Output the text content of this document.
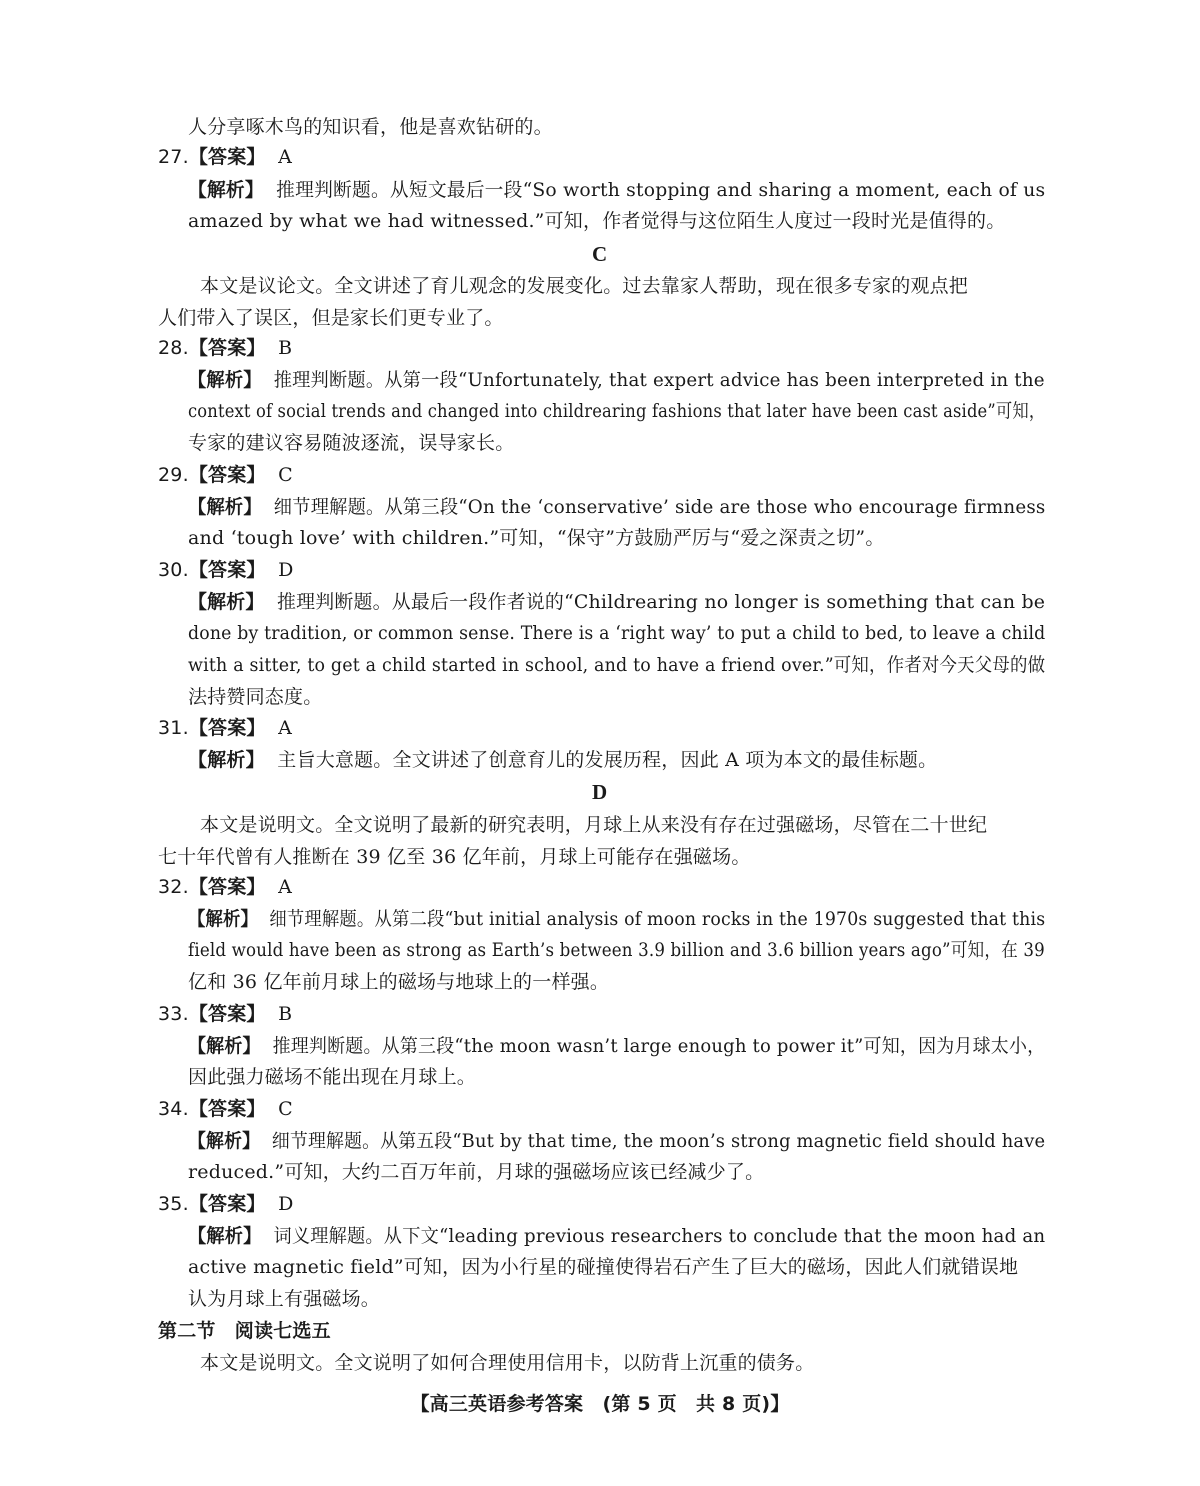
人分享啄木鸟的知识看，他是喜欢钻研的。
27.【答案】 A
【解析】 推理判断题。从短文最后一段“So worth stopping and sharing a moment, each of us
amazed by what we had witnessed.”可知，作者觉得与这位陌生人度过一段时光是值得的。
C
本文是议论文。全文讲述了育儿观念的发展变化。过去靠家人帮助，现在很多专家的观点把
人们带入了误区，但是家长们更专业了。
28.【答案】 B
【解析】 推理判断题。从第一段“Unfortunately, that expert advice has been interpreted in the
context of social trends and changed into childrearing fashions that later have been cast aside”可知，
专家的建议容易随波逐流，误导家长。
29.【答案】 C
【解析】 细节理解题。从第三段“On the ‘conservative’ side are those who encourage firmness
and ‘tough love’ with children.”可知，“保守”方鼓励严厉与“爱之深责之切”。
30.【答案】 D
【解析】 推理判断题。从最后一段作者说的“Childrearing no longer is something that can be
done by tradition, or common sense. There is a ‘right way’ to put a child to bed, to leave a child
with a sitter, to get a child started in school, and to have a friend over.”可知，作者对今天父母的做
法持赞同态度。
31.【答案】 A
【解析】 主旨大意题。全文讲述了创意育儿的发展历程，因此 A 项为本文的最佳标题。
D
本文是说明文。全文说明了最新的研究表明，月球上从来没有存在过强磁场，尽管在二十世纪
七十年代曾有人推断在 39 亿至 36 亿年前，月球上可能存在强磁场。
32.【答案】 A
【解析】 细节理解题。从第二段“but initial analysis of moon rocks in the 1970s suggested that this
field would have been as strong as Earth’s between 3.9 billion and 3.6 billion years ago”可知，在 39
亿和 36 亿年前月球上的磁场与地球上的一样强。
33.【答案】 B
【解析】 推理判断题。从第三段“the moon wasn’t large enough to power it”可知，因为月球太小，
因此强力磁场不能出现在月球上。
34.【答案】 C
【解析】 细节理解题。从第五段“But by that time, the moon’s strong magnetic field should have
reduced.”可知，大约二百万年前，月球的强磁场应该已经减少了。
35.【答案】 D
【解析】 词义理解题。从下文“leading previous researchers to conclude that the moon had an
active magnetic field”可知，因为小行星的碰撞使得岩石产生了巨大的磁场，因此人们就错误地
认为月球上有强磁场。
第二节　阅读七选五
本文是说明文。全文说明了如何合理使用信用卡，以防背上沉重的债务。
【高三英语参考答案　(第 5 页　共 8 页)】
